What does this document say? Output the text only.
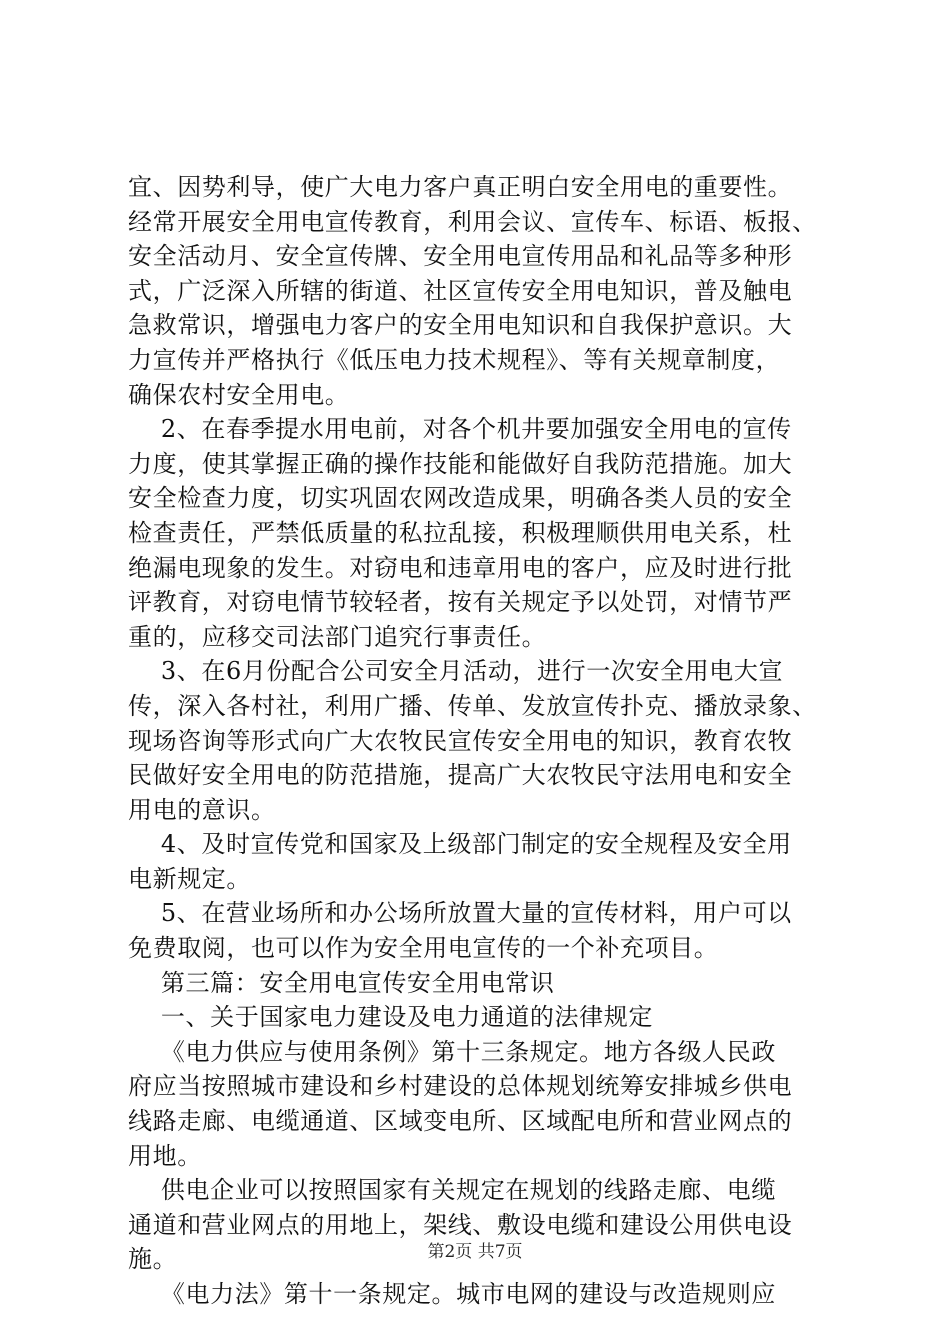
宜、因势利导，使广大电力客户真正明白安全用电的重要性。
经常开展安全用电宣传教育，利用会议、宣传车、标语、板报、
安全活动月、安全宣传牌、安全用电宣传用品和礼品等多种形
式，广泛深入所辖的街道、社区宣传安全用电知识，普及触电
急救常识，增强电力客户的安全用电知识和自我保护意识。大
力宣传并严格执行《低压电力技术规程》、等有关规章制度，
确保农村安全用电。
2、在春季提水用电前，对各个机井要加强安全用电的宣传
力度，使其掌握正确的操作技能和能做好自我防范措施。加大
安全检查力度，切实巩固农网改造成果，明确各类人员的安全
检查责任，严禁低质量的私拉乱接，积极理顺供用电关系，杜
绝漏电现象的发生。对窃电和违章用电的客户，应及时进行批
评教育，对窃电情节较轻者，按有关规定予以处罚，对情节严
重的，应移交司法部门追究行事责任。
3、在6月份配合公司安全月活动，进行一次安全用电大宣
传，深入各村社，利用广播、传单、发放宣传扑克、播放录象、
现场咨询等形式向广大农牧民宣传安全用电的知识，教育农牧
民做好安全用电的防范措施，提高广大农牧民守法用电和安全
用电的意识。
4、及时宣传党和国家及上级部门制定的安全规程及安全用
电新规定。
5、在营业场所和办公场所放置大量的宣传材料，用户可以
免费取阅，也可以作为安全用电宣传的一个补充项目。
第三篇：安全用电宣传安全用电常识
一、关于国家电力建设及电力通道的法律规定
《电力供应与使用条例》第十三条规定。地方各级人民政
府应当按照城市建设和乡村建设的总体规划统筹安排城乡供电
线路走廊、电缆通道、区域变电所、区域配电所和营业网点的
用地。
供电企业可以按照国家有关规定在规划的线路走廊、电缆
通道和营业网点的用地上，架线、敷设电缆和建设公用供电设
施。
《电力法》第十一条规定。城市电网的建设与改造规则应
第2页 共7页
